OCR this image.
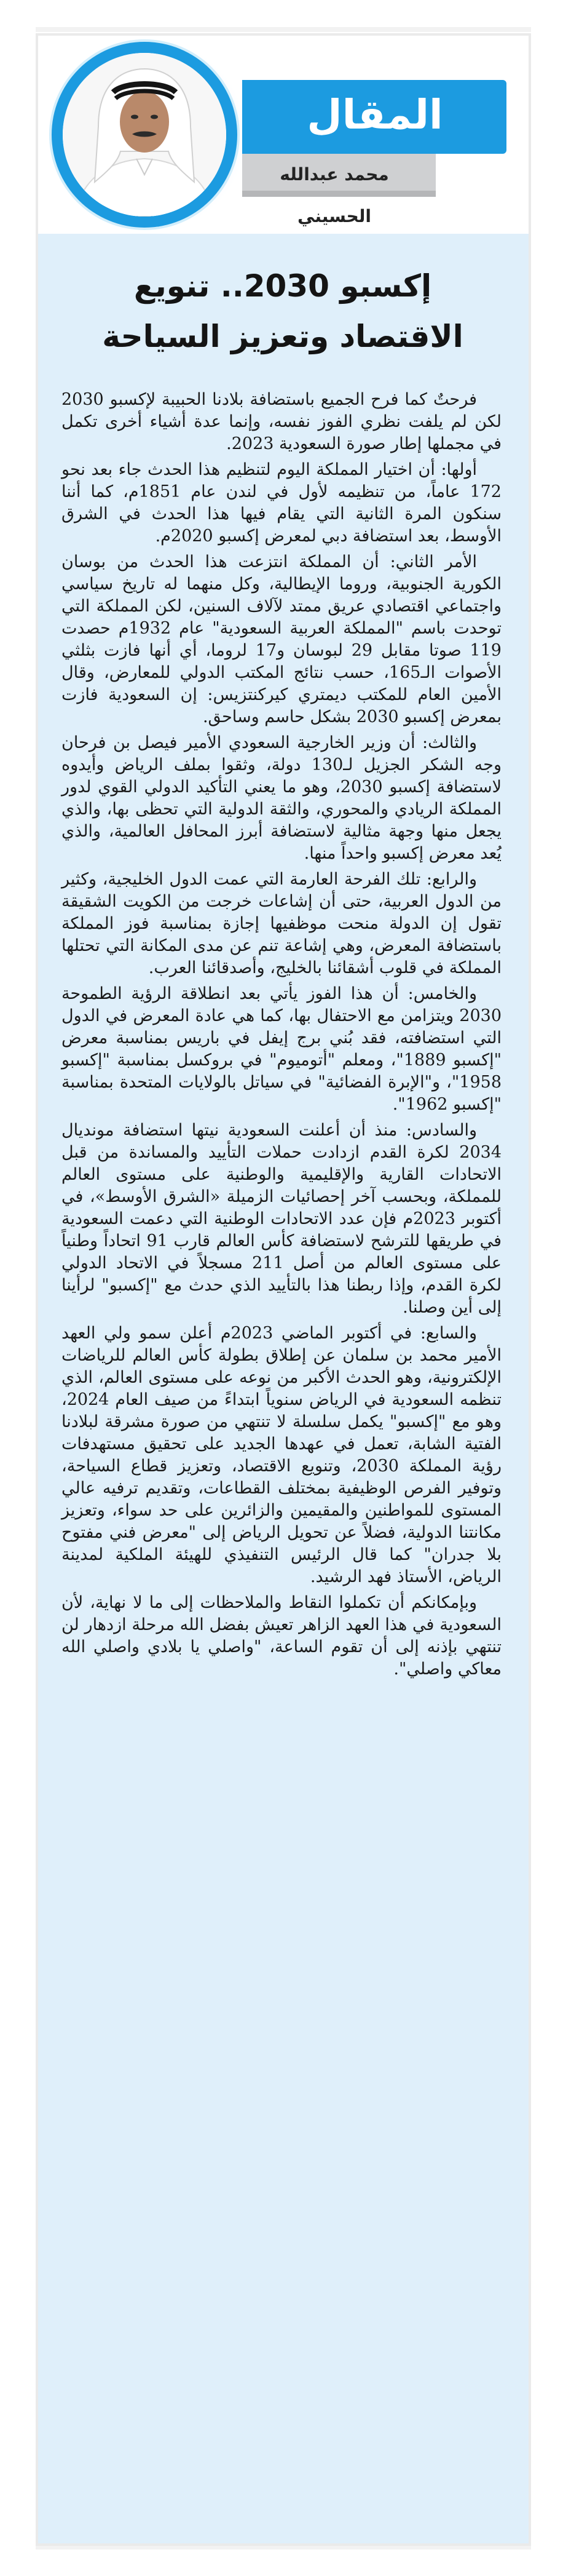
المقال
محمد عبدالله الحسيني
إكسبو 2030.. تنويع الاقتصاد وتعزيز السياحة

فرحتٌ كما فرح الجميع باستضافة بلادنا الحبيبة لإكسبو 2030 لكن لم يلفت نظري الفوز نفسه، وإنما عدة أشياء أخرى تكمل في مجملها إطار صورة السعودية 2023.

أولها: أن اختيار المملكة اليوم لتنظيم هذا الحدث جاء بعد نحو 172 عاماً، من تنظيمه لأول في لندن عام 1851م، كما أننا سنكون المرة الثانية التي يقام فيها هذا الحدث في الشرق الأوسط، بعد استضافة دبي لمعرض إكسبو 2020م.

الأمر الثاني: أن المملكة انتزعت هذا الحدث من بوسان الكورية الجنوبية، وروما الإيطالية، وكل منهما له تاريخ سياسي واجتماعي اقتصادي عريق ممتد لآلاف السنين، لكن المملكة التي توحدت باسم "المملكة العربية السعودية" عام 1932م حصدت 119 صوتا مقابل 29 لبوسان و17 لروما، أي أنها فازت بثلثي الأصوات الـ165، حسب نتائج المكتب الدولي للمعارض، وقال الأمين العام للمكتب ديمتري كيركنتزيس: إن السعودية فازت بمعرض إكسبو 2030 بشكل حاسم وساحق.

والثالث: أن وزير الخارجية السعودي الأمير فيصل بن فرحان وجه الشكر الجزيل لـ130 دولة، وثقوا بملف الرياض وأيدوه لاستضافة إكسبو 2030، وهو ما يعني التأكيد الدولي القوي لدور المملكة الريادي والمحوري، والثقة الدولية التي تحظى بها، والذي يجعل منها وجهة مثالية لاستضافة أبرز المحافل العالمية، والذي يُعد معرض إكسبو واحداً منها.

والرابع: تلك الفرحة العارمة التي عمت الدول الخليجية، وكثير من الدول العربية، حتى أن إشاعات خرجت من الكويت الشقيقة تقول إن الدولة منحت موظفيها إجازة بمناسبة فوز المملكة باستضافة المعرض، وهي إشاعة تنم عن مدى المكانة التي تحتلها المملكة في قلوب أشقائنا بالخليج، وأصدقائنا العرب.

والخامس: أن هذا الفوز يأتي بعد انطلاقة الرؤية الطموحة 2030 ويتزامن مع الاحتفال بها، كما هي عادة المعرض في الدول التي استضافته، فقد بُني برج إيفل في باريس بمناسبة معرض "إكسبو 1889"، ومعلم "أتوميوم" في بروكسل بمناسبة "إكسبو 1958"، و"الإبرة الفضائية" في سياتل بالولايات المتحدة بمناسبة "إكسبو 1962".

والسادس: منذ أن أعلنت السعودية نيتها استضافة مونديال 2034 لكرة القدم ازدادت حملات التأييد والمساندة من قبل الاتحادات القارية والإقليمية والوطنية على مستوى العالم للمملكة، وبحسب آخر إحصائيات الزميلة «الشرق الأوسط»، في أكتوبر 2023م فإن عدد الاتحادات الوطنية التي دعمت السعودية في طريقها للترشح لاستضافة كأس العالم قارب 91 اتحاداً وطنياً على مستوى العالم من أصل 211 مسجلاً في الاتحاد الدولي لكرة القدم، وإذا ربطنا هذا بالتأييد الذي حدث مع "إكسبو" لرأينا إلى أين وصلنا.

والسابع: في أكتوبر الماضي 2023م أعلن سمو ولي العهد الأمير محمد بن سلمان عن إطلاق بطولة كأس العالم للرياضات الإلكترونية، وهو الحدث الأكبر من نوعه على مستوى العالم، الذي تنظمه السعودية في الرياض سنوياً ابتداءً من صيف العام 2024، وهو مع "إكسبو" يكمل سلسلة لا تنتهي من صورة مشرقة لبلادنا الفتية الشابة، تعمل في عهدها الجديد على تحقيق مستهدفات رؤية المملكة 2030، وتنويع الاقتصاد، وتعزيز قطاع السياحة، وتوفير الفرص الوظيفية بمختلف القطاعات، وتقديم ترفيه عالي المستوى للمواطنين والمقيمين والزائرين على حد سواء، وتعزيز مكانتنا الدولية، فضلاً عن تحويل الرياض إلى "معرض فني مفتوح بلا جدران" كما قال الرئيس التنفيذي للهيئة الملكية لمدينة الرياض، الأستاذ فهد الرشيد.

وبإمكانكم أن تكملوا النقاط والملاحظات إلى ما لا نهاية، لأن السعودية في هذا العهد الزاهر تعيش بفضل الله مرحلة ازدهار لن تنتهي بإذنه إلى أن تقوم الساعة، "واصلي يا بلادي واصلي الله معاكي واصلي".
